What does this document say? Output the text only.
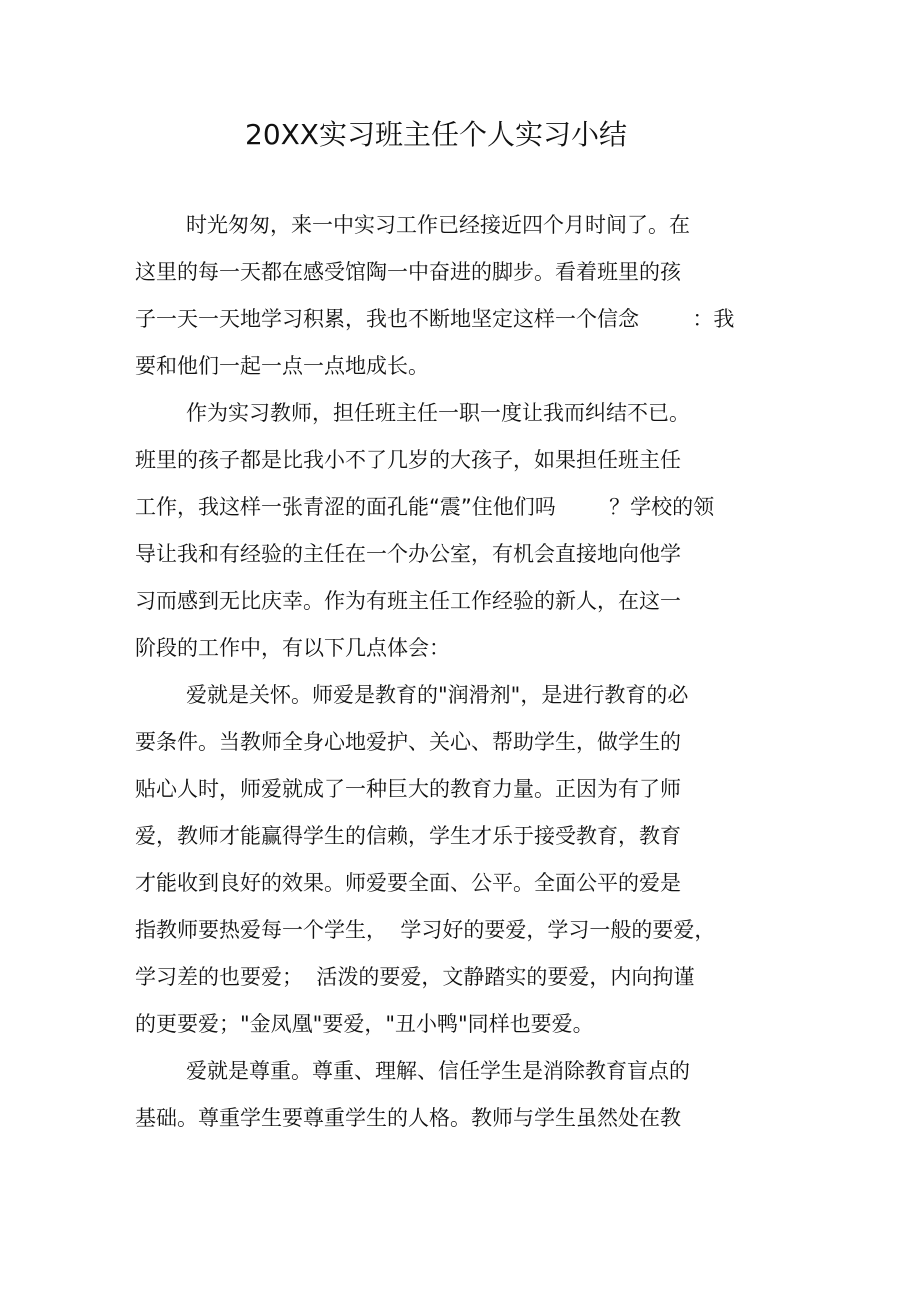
20XX实习班主任个人实习小结
时光匆匆，来一中实习工作已经接近四个月时间了。在
这里的每一天都在感受馆陶一中奋进的脚步。看着班里的孩
子一天一天地学习积累，我也不断地坚定这样一个信念        ：我
要和他们一起一点一点地成长。
作为实习教师，担任班主任一职一度让我而纠结不已。
班里的孩子都是比我小不了几岁的大孩子，如果担任班主任
工作，我这样一张青涩的面孔能“震”住他们吗        ？学校的领
导让我和有经验的主任在一个办公室，有机会直接地向他学
习而感到无比庆幸。作为有班主任工作经验的新人，在这一
阶段的工作中，有以下几点体会：
爱就是关怀。师爱是教育的"润滑剂"，是进行教育的必
要条件。当教师全身心地爱护、关心、帮助学生，做学生的
贴心人时，师爱就成了一种巨大的教育力量。正因为有了师
爱，教师才能赢得学生的信赖，学生才乐于接受教育，教育
才能收到良好的效果。师爱要全面、公平。全面公平的爱是
指教师要热爱每一个学生，  学习好的要爱，学习一般的要爱，
学习差的也要爱；  活泼的要爱，文静踏实的要爱，内向拘谨
的更要爱；"金凤凰"要爱，"丑小鸭"同样也要爱。
爱就是尊重。尊重、理解、信任学生是消除教育盲点的
基础。尊重学生要尊重学生的人格。教师与学生虽然处在教
